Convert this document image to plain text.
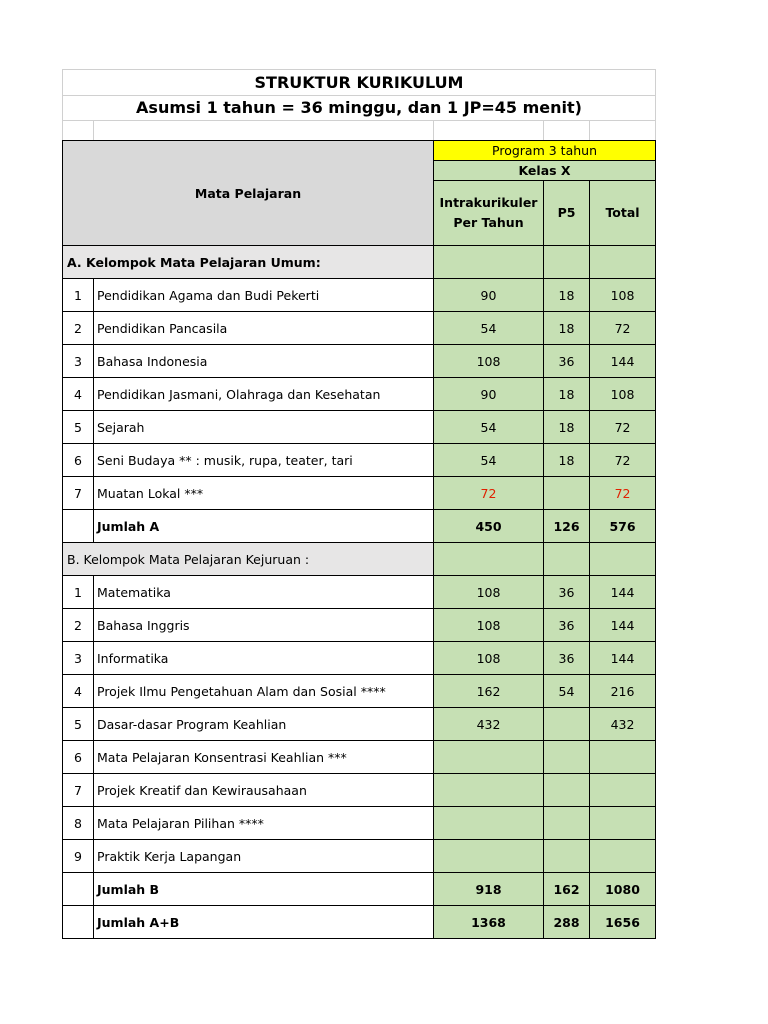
STRUKTUR KURIKULUM
Asumsi 1 tahun = 36 minggu, dan 1 JP=45 menit)
Mata Pelajaran		Program 3 tahun		
		Kelas X		
		Intrakurikuler
Per Tahun	P5	Total
A. Kelompok Mata Pelajaran Umum:				
1	Pendidikan Agama dan Budi Pekerti	90	18	108
2	Pendidikan Pancasila	54	18	72
3	Bahasa Indonesia	108	36	144
4	Pendidikan Jasmani, Olahraga dan Kesehatan	90	18	108
5	Sejarah	54	18	72
6	Seni Budaya ** : musik, rupa, teater, tari	54	18	72
7	Muatan Lokal ***	72		72
	Jumlah A	450	126	576
B. Kelompok Mata Pelajaran Kejuruan :				
1	Matematika	108	36	144
2	Bahasa Inggris	108	36	144
3	Informatika	108	36	144
4	Projek Ilmu Pengetahuan Alam dan Sosial ****	162	54	216
5	Dasar-dasar Program Keahlian	432		432
6	Mata Pelajaran Konsentrasi Keahlian ***			
7	Projek Kreatif dan Kewirausahaan			
8	Mata Pelajaran Pilihan ****			
9	Praktik Kerja Lapangan			
	Jumlah B	918	162	1080
	Jumlah A+B	1368	288	1656
